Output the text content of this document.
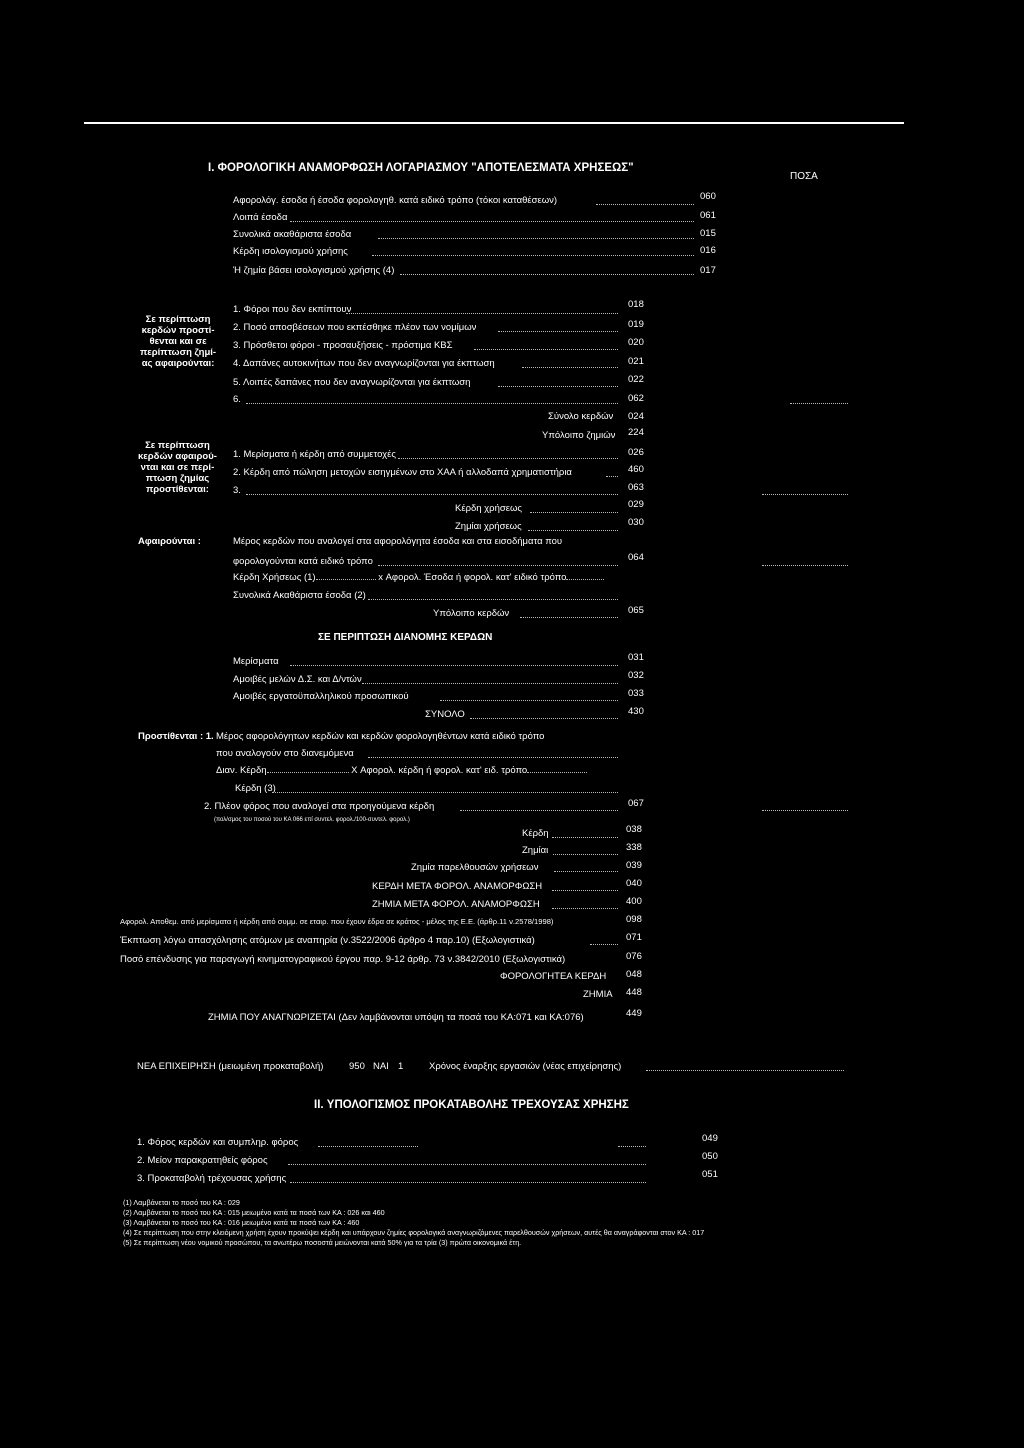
I. ΦΟΡΟΛΟΓΙΚΗ ΑΝΑΜΟΡΦΩΣΗ ΛΟΓΑΡΙΑΣΜΟΥ "ΑΠΟΤΕΛΕΣΜΑΤΑ ΧΡΗΣΕΩΣ"
ΠΟΣΑ
Αφορολόγ. έσοδα ή έσοδα φορολογηθ. κατά ειδικό τρόπο (τόκοι καταθέσεων)	060
Λοιπά έσοδα	061
Συνολικά ακαθάριστα έσοδα	015
Κέρδη ισολογισμού χρήσης	016
Ή ζημία βάσει ισολογισμού χρήσης (4)	017
Σε περίπτωση
κερδών προστί-
θενται και σε
περίπτωση ζημί-
ας αφαιρούνται:
1. Φόροι που δεν εκπίπτουν	018
2. Ποσό αποσβέσεων που εκπέσθηκε πλέον των νομίμων	019
3. Πρόσθετοι φόροι - προσαυξήσεις - πρόστιμα ΚΒΣ	020
4. Δαπάνες αυτοκινήτων που δεν αναγνωρίζονται για έκπτωση	021
5. Λοιπές δαπάνες που δεν αναγνωρίζονται για έκπτωση	022
6.	062
Σύνολο κερδών 024
Υπόλοιπο ζημιών 224
Σε περίπτωση
κερδών αφαιρού-
νται και σε περί-
πτωση ζημίας
προστίθενται:
1. Μερίσματα ή κέρδη από συμμετοχές	026
2. Κέρδη από πώληση μετοχών εισηγμένων στο ΧΑΑ ή αλλοδαπά χρηματιστήρια	460
3.	063
Κέρδη χρήσεως	029
Ζημίαι χρήσεως	030
Αφαιρούνται :	Μέρος κερδών που αναλογεί στα αφορολόγητα έσοδα και στα εισοδήματα που
φορολογούνται κατά ειδικό τρόπο	064
Κέρδη Χρήσεως (1)	x Αφορολ. Έσοδα ή φορολ. κατ' ειδικό τρόπο
Συνολικά Ακαθάριστα έσοδα (2)
Υπόλοιπο κερδών	065
ΣΕ ΠΕΡΙΠΤΩΣΗ ΔΙΑΝΟΜΗΣ ΚΕΡΔΩΝ
Μερίσματα	031
Αμοιβές μελών Δ.Σ. και Δ/ντών	032
Αμοιβές εργατοϋπαλληλικού προσωπικού	033
ΣΥΝΟΛΟ	430
Προστίθενται : 1. Μέρος αφορολόγητων κερδών και κερδών φορολογηθέντων κατά ειδικό τρόπο
που αναλογούν στο διανεμόμενα
Διαν. Κέρδη	X Αφορολ. κέρδη ή φορολ. κατ' ειδ. τρόπο
Κέρδη (3)
2. Πλέον φόρος που αναλογεί στα προηγούμενα κέρδη	067
(πολ/σμος του ποσού του ΚΑ 066 επί συντελ. φορολ./100-συντελ. φορολ.)
Κέρδη	038
Ζημίαι	338
Ζημία παρελθουσών χρήσεων	039
ΚΕΡΔΗ ΜΕΤΑ ΦΟΡΟΛ. ΑΝΑΜΟΡΦΩΣΗ	040
ΖΗΜΙΑ ΜΕΤΑ ΦΟΡΟΛ. ΑΝΑΜΟΡΦΩΣΗ	400
Αφορολ. Αποθεμ. από μερίσματα ή κέρδη από συμμ. σε εταιρ. που έχουν έδρα σε κράτος - μέλος της Ε.Ε. (άρθρ.11 ν.2578/1998)	098
Έκπτωση λόγω απασχόλησης ατόμων με αναπηρία (ν.3522/2006 άρθρο 4 παρ.10) (Εξωλογιστικά)	071
Ποσό επένδυσης για παραγωγή κινηματογραφικού έργου παρ. 9-12 άρθρ. 73 ν.3842/2010 (Εξωλογιστικά)	076
ΦΟΡΟΛΟΓΗΤΕΑ ΚΕΡΔΗ 048
ΖΗΜΙΑ 448
ΖΗΜΙΑ ΠΟΥ ΑΝΑΓΝΩΡΙΖΕΤΑΙ (Δεν λαμβάνονται υπόψη τα ποσά του ΚΑ:071 και ΚΑ:076)	449
ΝΕΑ ΕΠΙΧΕΙΡΗΣΗ (μειωμένη προκαταβολή)	950 ΝΑΙ 1	Χρόνος έναρξης εργασιών (νέας επιχείρησης)
II. ΥΠΟΛΟΓΙΣΜΟΣ ΠΡΟΚΑΤΑΒΟΛΗΣ ΤΡΕΧΟΥΣΑΣ ΧΡΗΣΗΣ
1. Φόρος κερδών και συμπληρ. φόρος	049
2. Μείον παρακρατηθείς φόρος	050
3. Προκαταβολή τρέχουσας χρήσης	051
(1) Λαμβάνεται το ποσό του ΚΑ : 029
(2) Λαμβάνεται το ποσό του ΚΑ : 015 μειωμένο κατά τα ποσά των ΚΑ : 026 και 460
(3) Λαμβάνεται το ποσό του ΚΑ : 016 μειωμένο κατά τα ποσά των ΚΑ : 460
(4) Σε περίπτωση που στην κλειόμενη χρήση έχουν προκύψει κέρδη και υπάρχουν ζημίες φορολογικά αναγνωριζόμενες παρελθουσών χρήσεων, αυτές θα αναγράφονται στον ΚΑ : 017
(5) Σε περίπτωση νέου νομικού προσώπου, τα ανωτέρω ποσοστά μειώνονται κατά 50% για τα τρία (3) πρώτα οικονομικά έτη.
